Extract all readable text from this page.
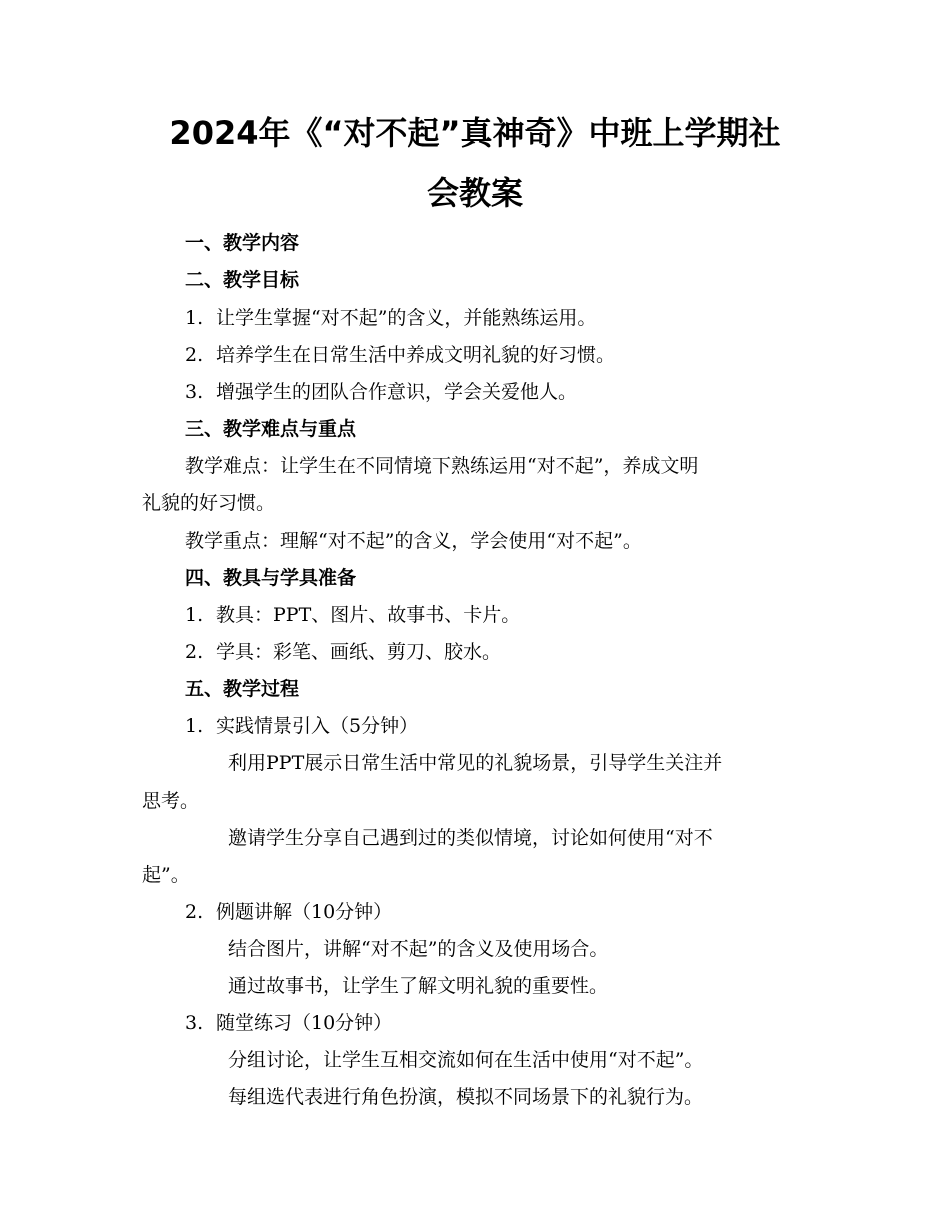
2024年《“对不起”真神奇》中班上学期社
会教案
一、教学内容
二、教学目标
1. 让学生掌握“对不起”的含义，并能熟练运用。
2. 培养学生在日常生活中养成文明礼貌的好习惯。
3. 增强学生的团队合作意识，学会关爱他人。
三、教学难点与重点
教学难点：让学生在不同情境下熟练运用“对不起”，养成文明
礼貌的好习惯。
教学重点：理解“对不起”的含义，学会使用“对不起”。
四、教具与学具准备
1. 教具：PPT、图片、故事书、卡片。
2. 学具：彩笔、画纸、剪刀、胶水。
五、教学过程
1. 实践情景引入（5分钟）
利用PPT展示日常生活中常见的礼貌场景，引导学生关注并
思考。
邀请学生分享自己遇到过的类似情境，讨论如何使用“对不
起”。
2. 例题讲解（10分钟）
结合图片，讲解“对不起”的含义及使用场合。
通过故事书，让学生了解文明礼貌的重要性。
3. 随堂练习（10分钟）
分组讨论，让学生互相交流如何在生活中使用“对不起”。
每组选代表进行角色扮演，模拟不同场景下的礼貌行为。
